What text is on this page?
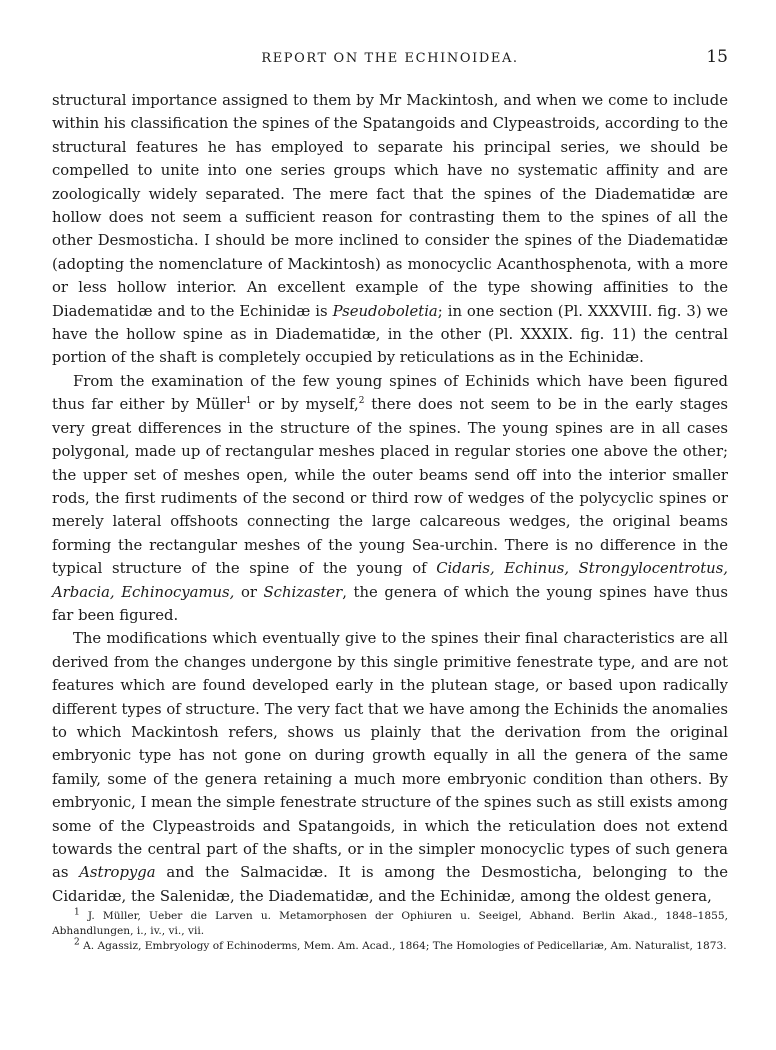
REPORT ON THE ECHINOIDEA.	15

structural importance assigned to them by Mr Mackintosh, and when we come to include within his classification the spines of the Spatangoids and Clypeastroids, according to the structural features he has employed to separate his principal series, we should be compelled to unite into one series groups which have no systematic affinity and are zoologically widely separated. The mere fact that the spines of the Diadematidæ are hollow does not seem a sufficient reason for contrasting them to the spines of all the other Desmosticha. I should be more inclined to consider the spines of the Diadematidæ (adopting the nomenclature of Mackintosh) as monocyclic Acanthosphenota, with a more or less hollow interior. An excellent example of the type showing affinities to the Diadematidæ and to the Echinidæ is Pseudoboletia; in one section (Pl. XXXVIII. fig. 3) we have the hollow spine as in Diadematidæ, in the other (Pl. XXXIX. fig. 11) the central portion of the shaft is completely occupied by reticulations as in the Echinidæ.

From the examination of the few young spines of Echinids which have been figured thus far either by Müller$^1$ or by myself,$^2$ there does not seem to be in the early stages very great differences in the structure of the spines. The young spines are in all cases polygonal, made up of rectangular meshes placed in regular stories one above the other; the upper set of meshes open, while the outer beams send off into the interior smaller rods, the first rudiments of the second or third row of wedges of the polycyclic spines or merely lateral offshoots connecting the large calcareous wedges, the original beams forming the rectangular meshes of the young Sea-urchin. There is no difference in the typical structure of the spine of the young of Cidaris, Echinus, Strongylocentrotus, Arbacia, Echinocyamus, or Schizaster, the genera of which the young spines have thus far been figured.

The modifications which eventually give to the spines their final characteristics are all derived from the changes undergone by this single primitive fenestrate type, and are not features which are found developed early in the plutean stage, or based upon radically different types of structure. The very fact that we have among the Echinids the anomalies to which Mackintosh refers, shows us plainly that the derivation from the original embryonic type has not gone on during growth equally in all the genera of the same family, some of the genera retaining a much more embryonic condition than others. By embryonic, I mean the simple fenestrate structure of the spines such as still exists among some of the Clypeastroids and Spatangoids, in which the reticulation does not extend towards the central part of the shafts, or in the simpler monocyclic types of such genera as Astropyga and the Salmacidæ. It is among the Desmosticha, belonging to the Cidaridæ, the Salenidæ, the Diadematidæ, and the Echinidæ, among the oldest genera,

$^1$ J. Müller, Ueber die Larven u. Metamorphosen der Ophiuren u. Seeigel, Abhand. Berlin Akad., 1848–1855, Abhandlungen, i., iv., vi., vii.

$^2$ A. Agassiz, Embryology of Echinoderms, Mem. Am. Acad., 1864; The Homologies of Pedicellariæ, Am. Naturalist, 1873.
